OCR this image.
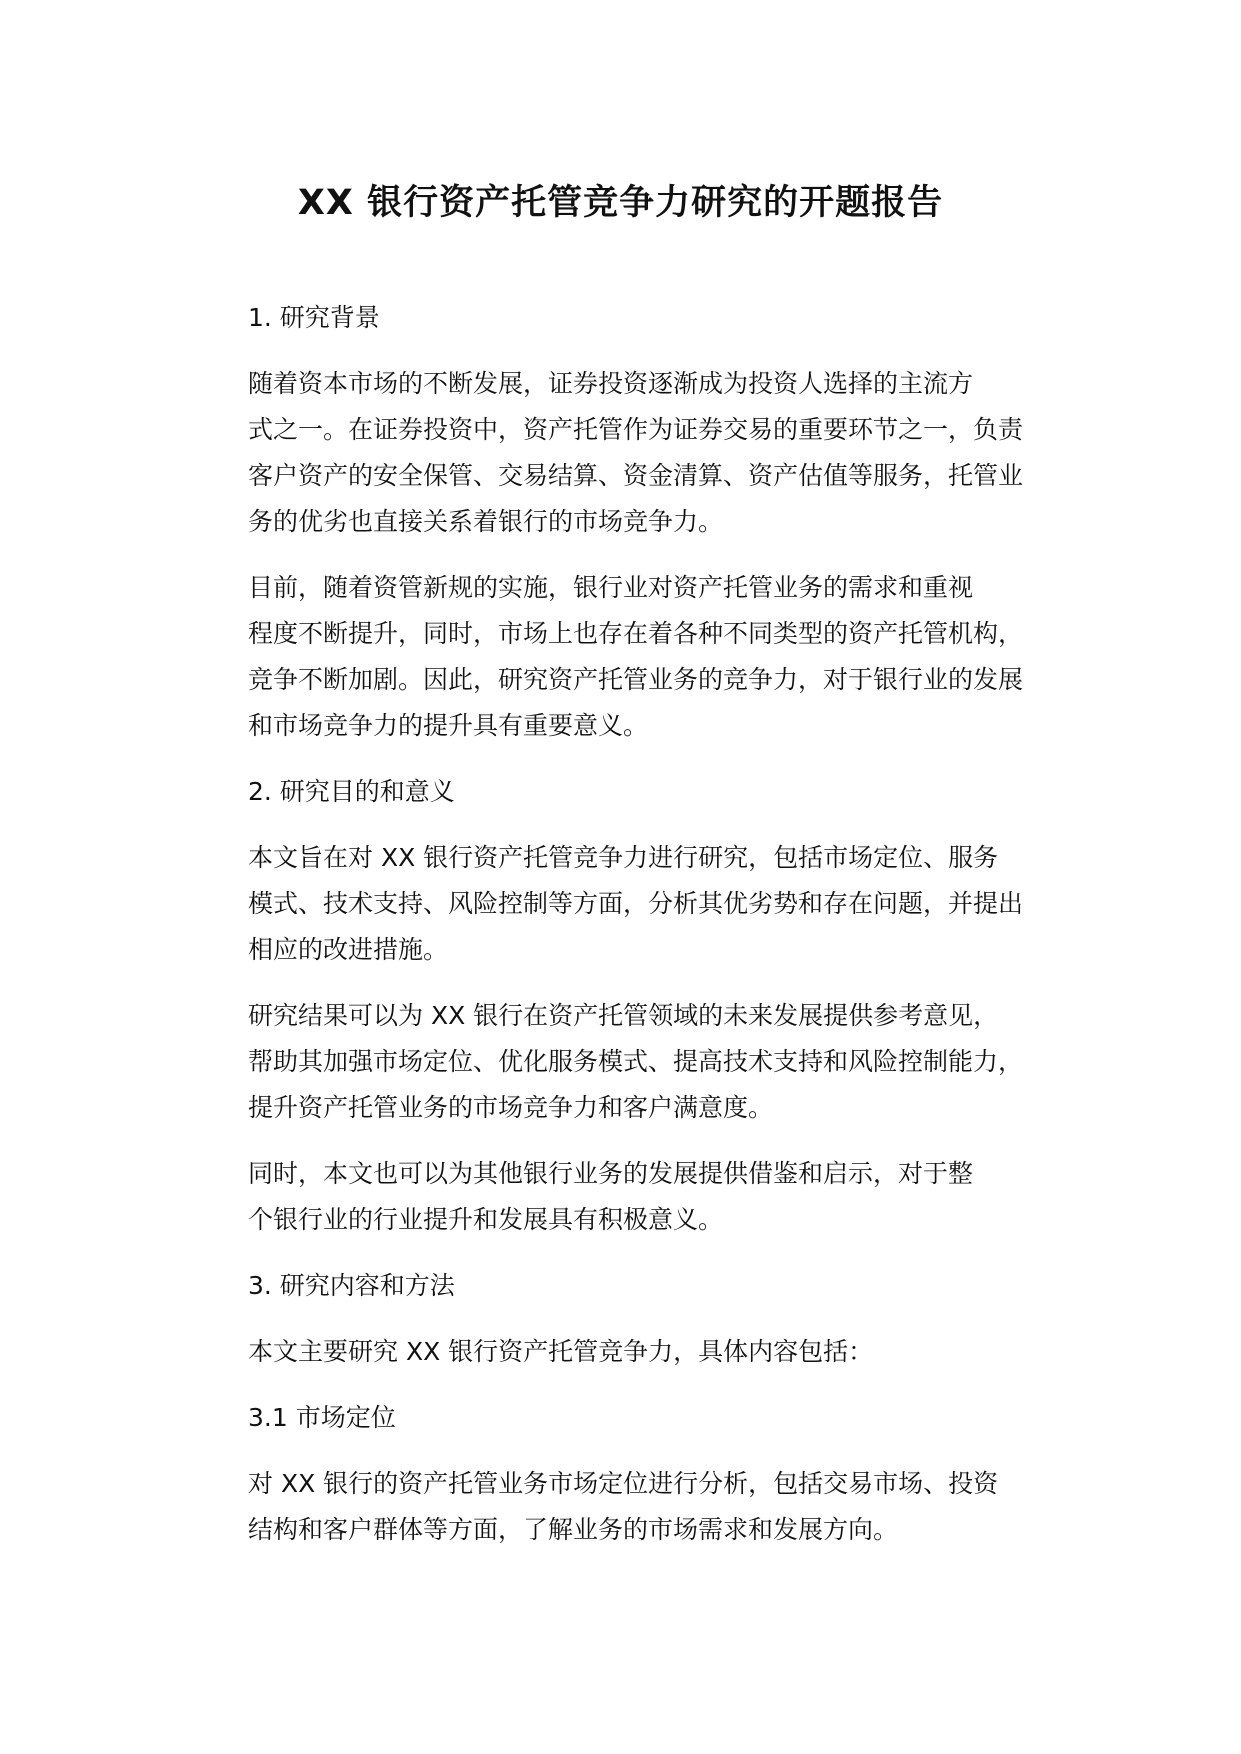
XX 银行资产托管竞争力研究的开题报告
1. 研究背景
随着资本市场的不断发展，证券投资逐渐成为投资人选择的主流方
式之一。在证券投资中，资产托管作为证券交易的重要环节之一，负责
客户资产的安全保管、交易结算、资金清算、资产估值等服务，托管业
务的优劣也直接关系着银行的市场竞争力。
目前，随着资管新规的实施，银行业对资产托管业务的需求和重视
程度不断提升，同时，市场上也存在着各种不同类型的资产托管机构，
竞争不断加剧。因此，研究资产托管业务的竞争力，对于银行业的发展
和市场竞争力的提升具有重要意义。
2. 研究目的和意义
本文旨在对 XX 银行资产托管竞争力进行研究，包括市场定位、服务
模式、技术支持、风险控制等方面，分析其优劣势和存在问题，并提出
相应的改进措施。
研究结果可以为 XX 银行在资产托管领域的未来发展提供参考意见，
帮助其加强市场定位、优化服务模式、提高技术支持和风险控制能力，
提升资产托管业务的市场竞争力和客户满意度。
同时，本文也可以为其他银行业务的发展提供借鉴和启示，对于整
个银行业的行业提升和发展具有积极意义。
3. 研究内容和方法
本文主要研究 XX 银行资产托管竞争力，具体内容包括：
3.1 市场定位
对 XX 银行的资产托管业务市场定位进行分析，包括交易市场、投资
结构和客户群体等方面，了解业务的市场需求和发展方向。
